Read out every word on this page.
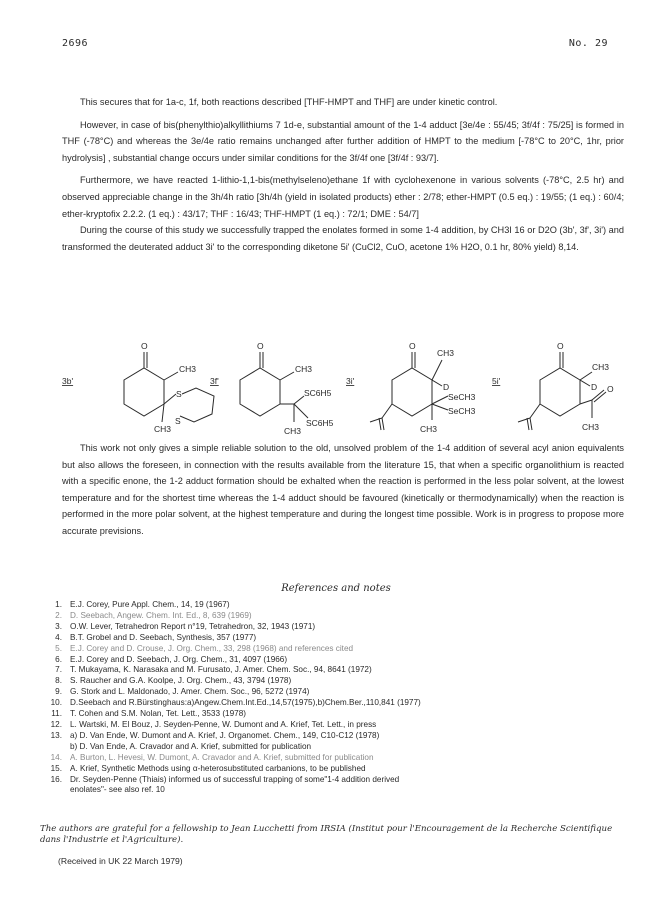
2696	No. 29

This secures that for 1a-c, 1f, both reactions described [THF-HMPT and THF] are under kinetic control.

However, in case of bis(phenylthio)alkyllithiums 7 1d-e, substantial amount of the 1-4 adduct [3e/4e : 55/45; 3f/4f : 75/25] is formed in THF (-78°C) and whereas the 3e/4e ratio remains unchanged after further addition of HMPT to the medium [-78°C to 20°C, 1hr, prior hydrolysis] , substantial change occurs under similar conditions for the 3f/4f one [3f/4f : 93/7].

Furthermore, we have reacted 1-lithio-1,1-bis(methylseleno)ethane 1f with cyclohexenone in various solvents (-78°C, 2.5 hr) and observed appreciable change in the 3h/4h ratio [3h/4h (yield in isolated products) ether : 2/78; ether-HMPT (0.5 eq.) : 19/55; (1 eq.) : 60/4; ether-kryptofix 2.2.2. (1 eq.) : 43/17; THF : 16/43; THF-HMPT (1 eq.) : 72/1; DME : 54/7]

During the course of this study we successfully trapped the enolates formed in some 1-4 addition, by CH3I 16 or D2O (3b', 3f', 3i') and transformed the deuterated adduct 3i' to the corresponding diketone 5i' (CuCl2, CuO, acetone 1% H2O, 0.1 hr, 80% yield) 8,14.

3b'	3f'	3i'	5i'
O
CH3
S
S
CH3
O
CH3
SC6H5
SC6H5
CH3
O
CH3
D
SeCH3
SeCH3
CH3
O
CH3
D O
CH3

This work not only gives a simple reliable solution to the old, unsolved problem of the 1-4 addition of several acyl anion equivalents but also allows the foreseen, in connection with the results available from the literature 15, that when a specific organolithium is reacted with a specific enone, the 1-2 adduct formation should be exhalted when the reaction is performed in the less polar solvent, at the lowest temperature and for the shortest time whereas the 1-4 adduct should be favoured (kinetically or thermodynamically) when the reaction is performed in the more polar solvent, at the highest temperature and during the longest time possible. Work is in progress to propose more accurate previsions.

References and notes
1. E.J. Corey, Pure Appl. Chem., 14, 19 (1967)
2. D. Seebach, Angew. Chem. Int. Ed., 8, 639 (1969)
3. O.W. Lever, Tetrahedron Report n°19, Tetrahedron, 32, 1943 (1971)
4. B.T. Grobel and D. Seebach, Synthesis, 357 (1977)
5. E.J. Corey and D. Crouse, J. Org. Chem., 33, 298 (1968) and references cited
6. E.J. Corey and D. Seebach, J. Org. Chem., 31, 4097 (1966)
7. T. Mukayama, K. Narasaka and M. Furusato, J. Amer. Chem. Soc., 94, 8641 (1972)
8. S. Raucher and G.A. Koolpe, J. Org. Chem., 43, 3794 (1978)
9. G. Stork and L. Maldonado, J. Amer. Chem. Soc., 96, 5272 (1974)
10. D.Seebach and R.Bürstinghaus:a)Angew.Chem.Int.Ed.,14,57(1975),b)Chem.Ber.,110,841 (1977)
11. T. Cohen and S.M. Nolan, Tet. Lett., 3533 (1978)
12. L. Wartski, M. El Bouz, J. Seyden-Penne, W. Dumont and A. Krief, Tet. Lett., in press
13. a) D. Van Ende, W. Dumont and A. Krief, J. Organomet. Chem., 149, C10-C12 (1978)
b) D. Van Ende, A. Cravador and A. Krief, submitted for publication
14. A. Burton, L. Hevesi, W. Dumont, A. Cravador and A. Krief, submitted for publication
15. A. Krief, Synthetic Methods using α-heterosubstituted carbanions, to be published
16. Dr. Seyden-Penne (Thiais) informed us of successful trapping of some"1-4 addition derived
enolates"- see also ref. 10
The authors are grateful for a fellowship to Jean Lucchetti from IRSIA (Institut pour l'Encouragement de la Recherche Scientifique dans l'Industrie et l'Agriculture).
(Received in UK 22 March 1979)
